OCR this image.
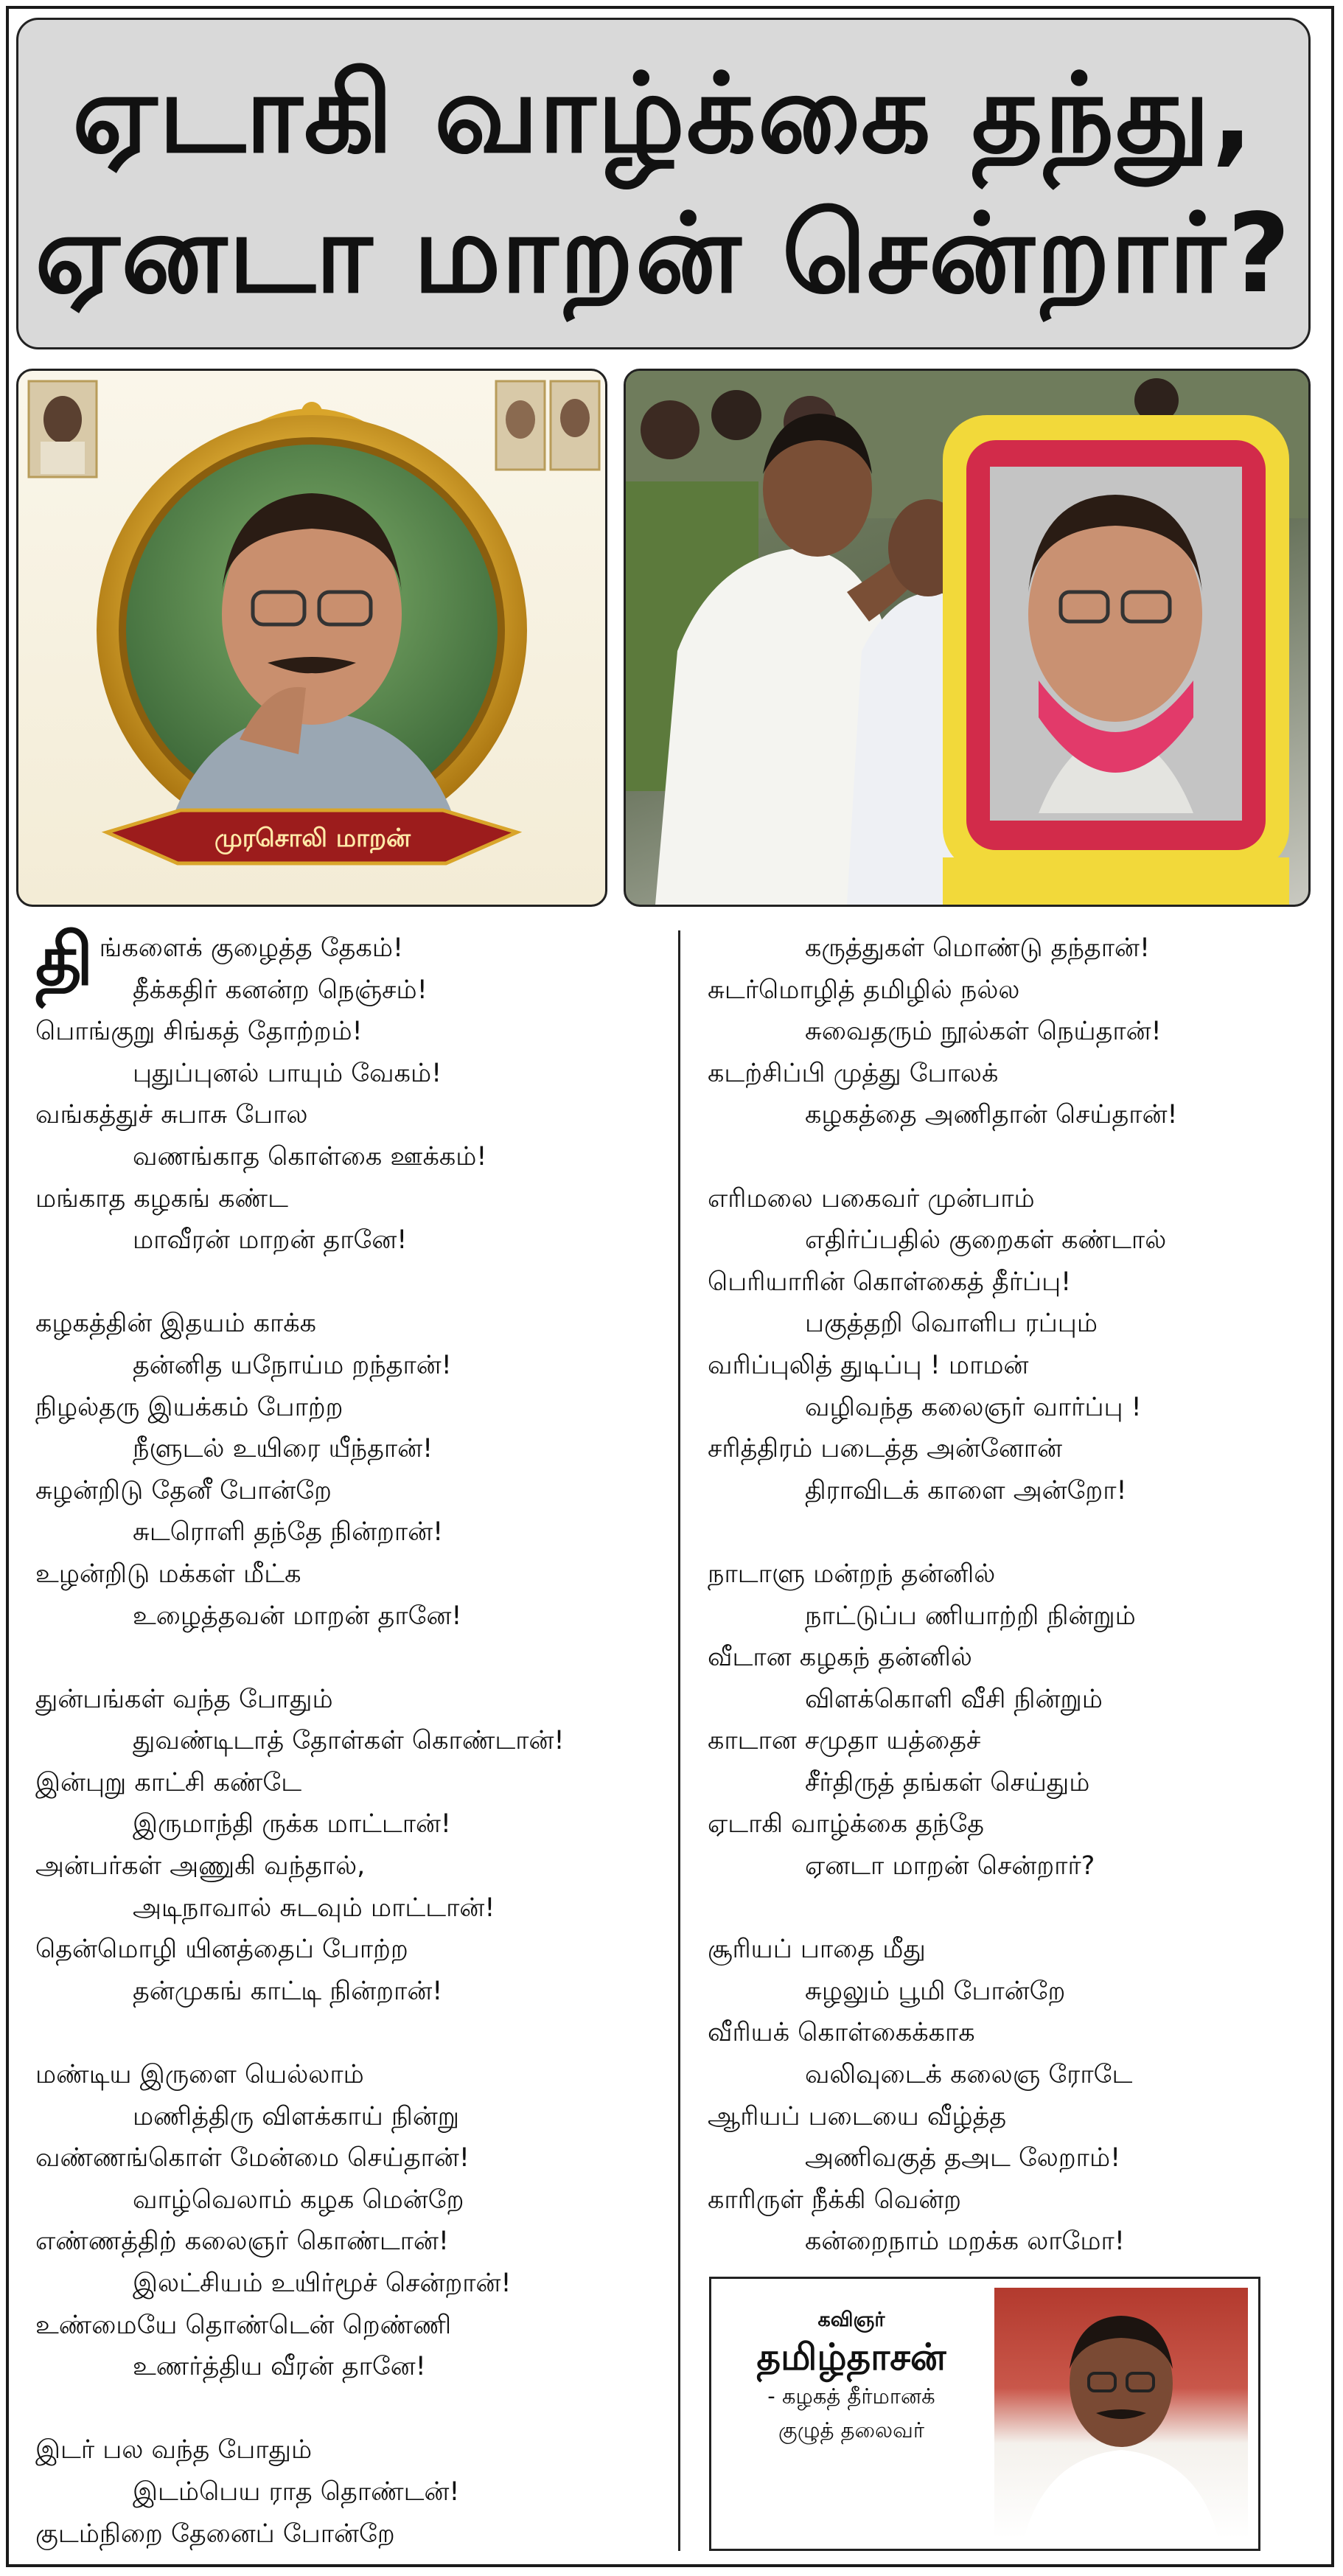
ஏடாகி வாழ்க்கை தந்து,
ஏனடா மாறன் சென்றார்?
முரசொலி மாறன்
திங்களைக் குழைத்த தேகம்!
தீக்கதிர் கனன்ற நெஞ்சம்!
பொங்குறு சிங்கத் தோற்றம்!
புதுப்புனல் பாயும் வேகம்!
வங்கத்துச் சுபாசு போல
வணங்காத கொள்கை ஊக்கம்!
மங்காத கழகங் கண்ட
மாவீரன் மாறன் தானே!
கழகத்தின் இதயம் காக்க
தன்னித யநோய்ம றந்தான்!
நிழல்தரு இயக்கம் போற்ற
நீளுடல் உயிரை யீந்தான்!
சுழன்றிடு தேனீ போன்றே
சுடரொளி தந்தே நின்றான்!
உழன்றிடு மக்கள் மீட்க
உழைத்தவன் மாறன் தானே!
துன்பங்கள் வந்த போதும்
துவண்டிடாத் தோள்கள் கொண்டான்!
இன்புறு காட்சி கண்டே
இருமாந்தி ருக்க மாட்டான்!
அன்பர்கள் அணுகி வந்தால்,
அடிநாவால் சுடவும் மாட்டான்!
தென்மொழி யினத்தைப் போற்ற
தன்முகங் காட்டி நின்றான்!
மண்டிய இருளை யெல்லாம்
மணித்திரு விளக்காய் நின்று
வண்ணங்கொள் மேன்மை செய்தான்!
வாழ்வெலாம் கழக மென்றே
எண்ணத்திற் கலைஞர் கொண்டான்!
இலட்சியம் உயிர்மூச் சென்றான்!
உண்மையே தொண்டென் றெண்ணி
உணர்த்திய வீரன் தானே!
இடர் பல வந்த போதும்
இடம்பெய ராத தொண்டன்!
குடம்நிறை தேனைப் போன்றே
கருத்துகள் மொண்டு தந்தான்!
சுடர்மொழித் தமிழில் நல்ல
சுவைதரும் நூல்கள் நெய்தான்!
கடற்சிப்பி முத்து போலக்
கழகத்தை அணிதான் செய்தான்!
எரிமலை பகைவர் முன்பாம்
எதிர்ப்பதில் குறைகள் கண்டால்
பெரியாரின் கொள்கைத் தீர்ப்பு!
பகுத்தறி வொளிப ரப்பும்
வரிப்புலித் துடிப்பு ! மாமன்
வழிவந்த கலைஞர் வார்ப்பு !
சரித்திரம் படைத்த அன்னோன்
திராவிடக் காளை அன்றோ!
நாடாளு மன்றந் தன்னில்
நாட்டுப்ப ணியாற்றி நின்றும்
வீடான கழகந் தன்னில்
விளக்கொளி வீசி நின்றும்
காடான சமுதா யத்தைச்
சீர்திருத் தங்கள் செய்தும்
ஏடாகி வாழ்க்கை தந்தே
ஏனடா மாறன் சென்றார்?
சூரியப் பாதை மீது
சுழலும் பூமி போன்றே
வீரியக் கொள்கைக்காக
வலிவுடைக் கலைஞ ரோடே
ஆரியப் படையை வீழ்த்த
அணிவகுத் தஅட லேறாம்!
காரிருள் நீக்கி வென்ற
கன்றைநாம் மறக்க லாமோ!
கவிஞர்
தமிழ்தாசன்
- கழகத் தீர்மானக்
குழுத் தலைவர்
